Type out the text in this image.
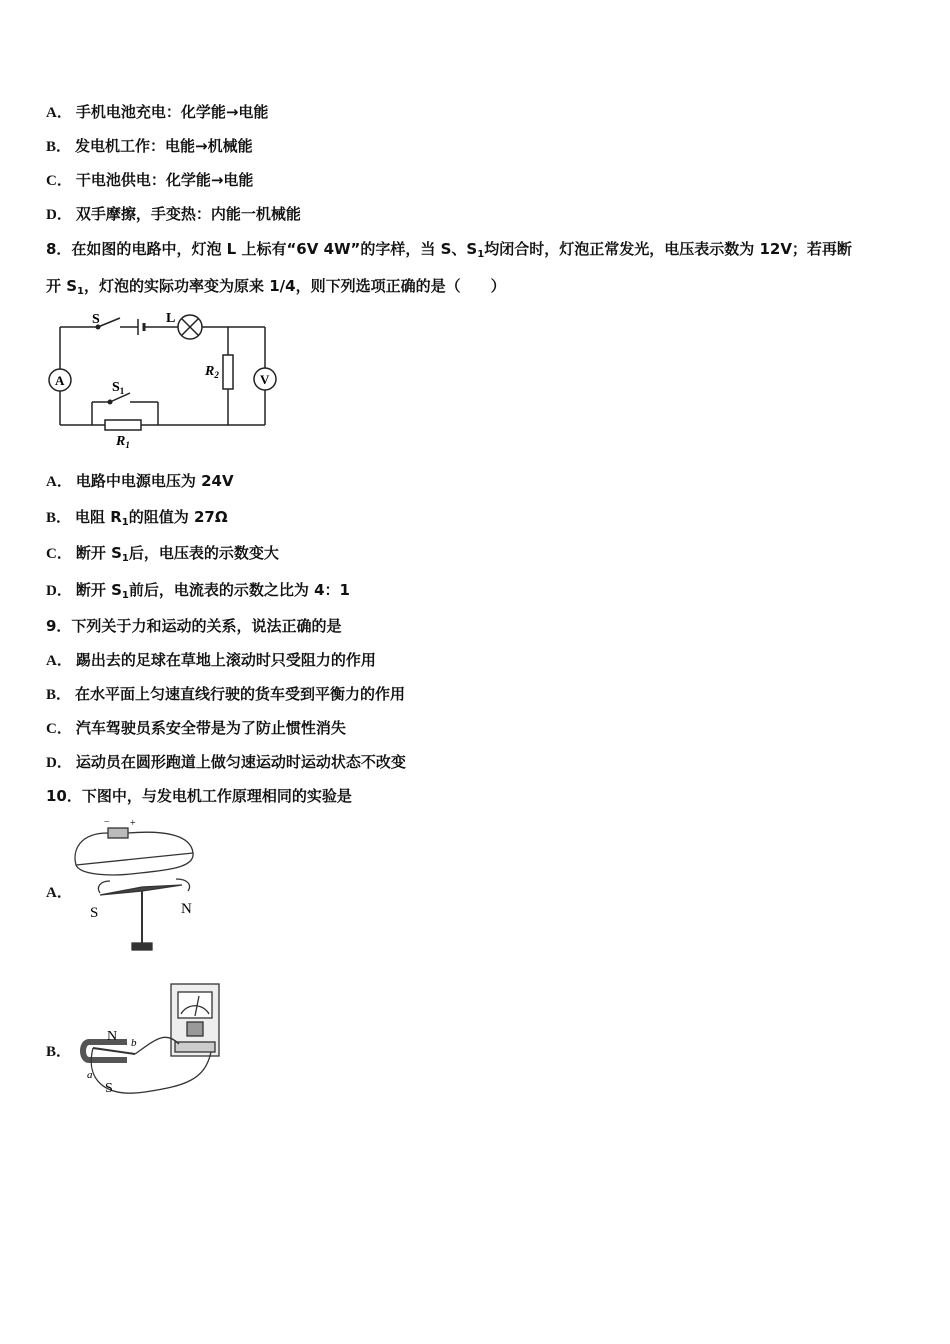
A． 手机电池充电：化学能→电能
B． 发电机工作：电能→机械能
C． 干电池供电：化学能→电能
D． 双手摩擦，手变热：内能一机械能
8．在如图的电路中，灯泡 L 上标有“6V 4W”的字样，当 S、$S_1$均闭合时，灯泡正常发光，电压表示数为 12V；若再断
开 $S_1$，灯泡的实际功率变为原来 1/4，则下列选项正确的是（　　）
S	L
$R_2$
A	V
$S_1$
$R_1$
A． 电路中电源电压为 24V
B． 电阻 $R_1$的阻值为 27Ω
C． 断开 $S_1$后，电压表的示数变大
D． 断开 $S_1$前后，电流表的示数之比为 4：1
9．下列关于力和运动的关系，说法正确的是
A． 踢出去的足球在草地上滚动时只受阻力的作用
B． 在水平面上匀速直线行驶的货车受到平衡力的作用
C． 汽车驾驶员系安全带是为了防止惯性消失
D． 运动员在圆形跑道上做匀速运动时运动状态不改变
10．下图中，与发电机工作原理相同的实验是
A．
− +
S	N
B．
N
S
a
b
